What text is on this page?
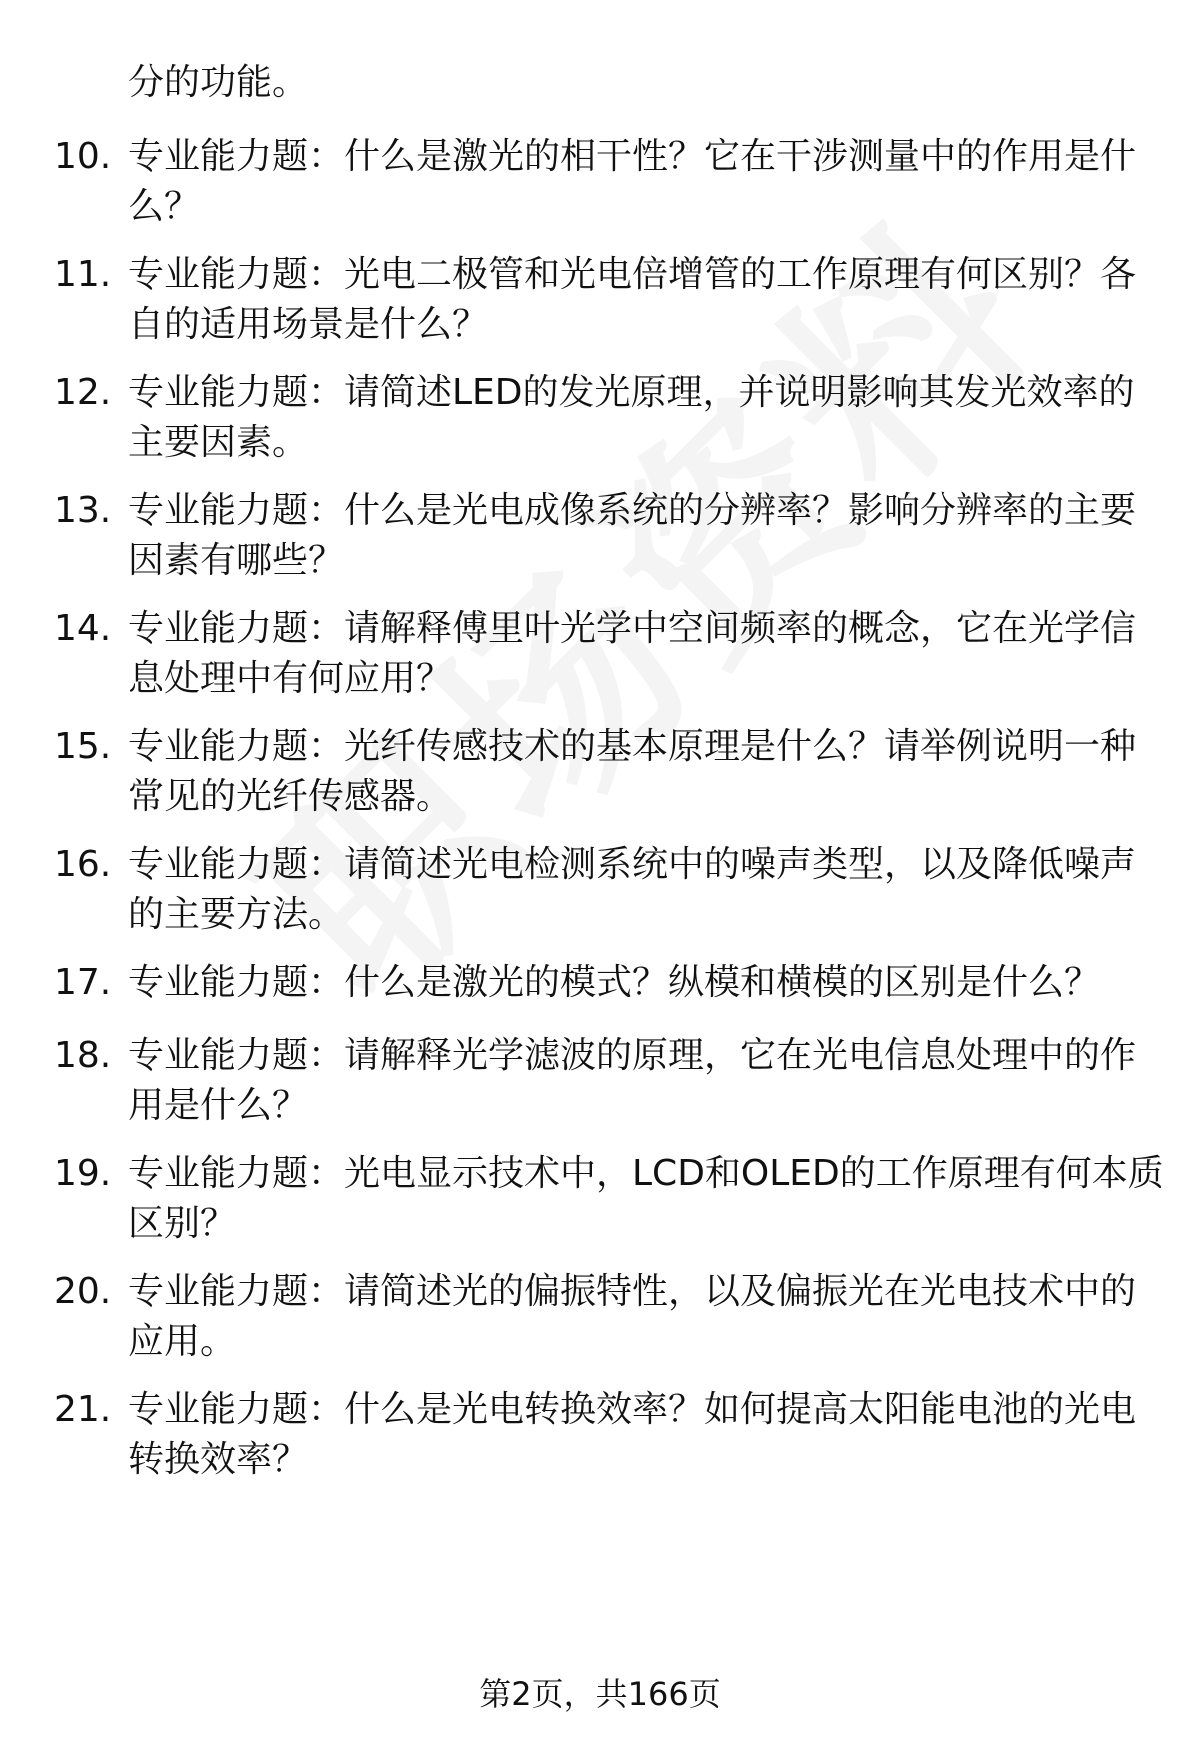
分的功能。
10. 专业能力题：什么是激光的相干性？它在干涉测量中的作用是什么？
11. 专业能力题：光电二极管和光电倍增管的工作原理有何区别？各自的适用场景是什么？
12. 专业能力题：请简述LED的发光原理，并说明影响其发光效率的主要因素。
13. 专业能力题：什么是光电成像系统的分辨率？影响分辨率的主要因素有哪些？
14. 专业能力题：请解释傅里叶光学中空间频率的概念，它在光学信息处理中有何应用？
15. 专业能力题：光纤传感技术的基本原理是什么？请举例说明一种常见的光纤传感器。
16. 专业能力题：请简述光电检测系统中的噪声类型，以及降低噪声的主要方法。
17. 专业能力题：什么是激光的模式？纵模和横模的区别是什么？
18. 专业能力题：请解释光学滤波的原理，它在光电信息处理中的作用是什么？
19. 专业能力题：光电显示技术中，LCD和OLED的工作原理有何本质区别？
20. 专业能力题：请简述光的偏振特性，以及偏振光在光电技术中的应用。
21. 专业能力题：什么是光电转换效率？如何提高太阳能电池的光电转换效率？
第2页，共166页
